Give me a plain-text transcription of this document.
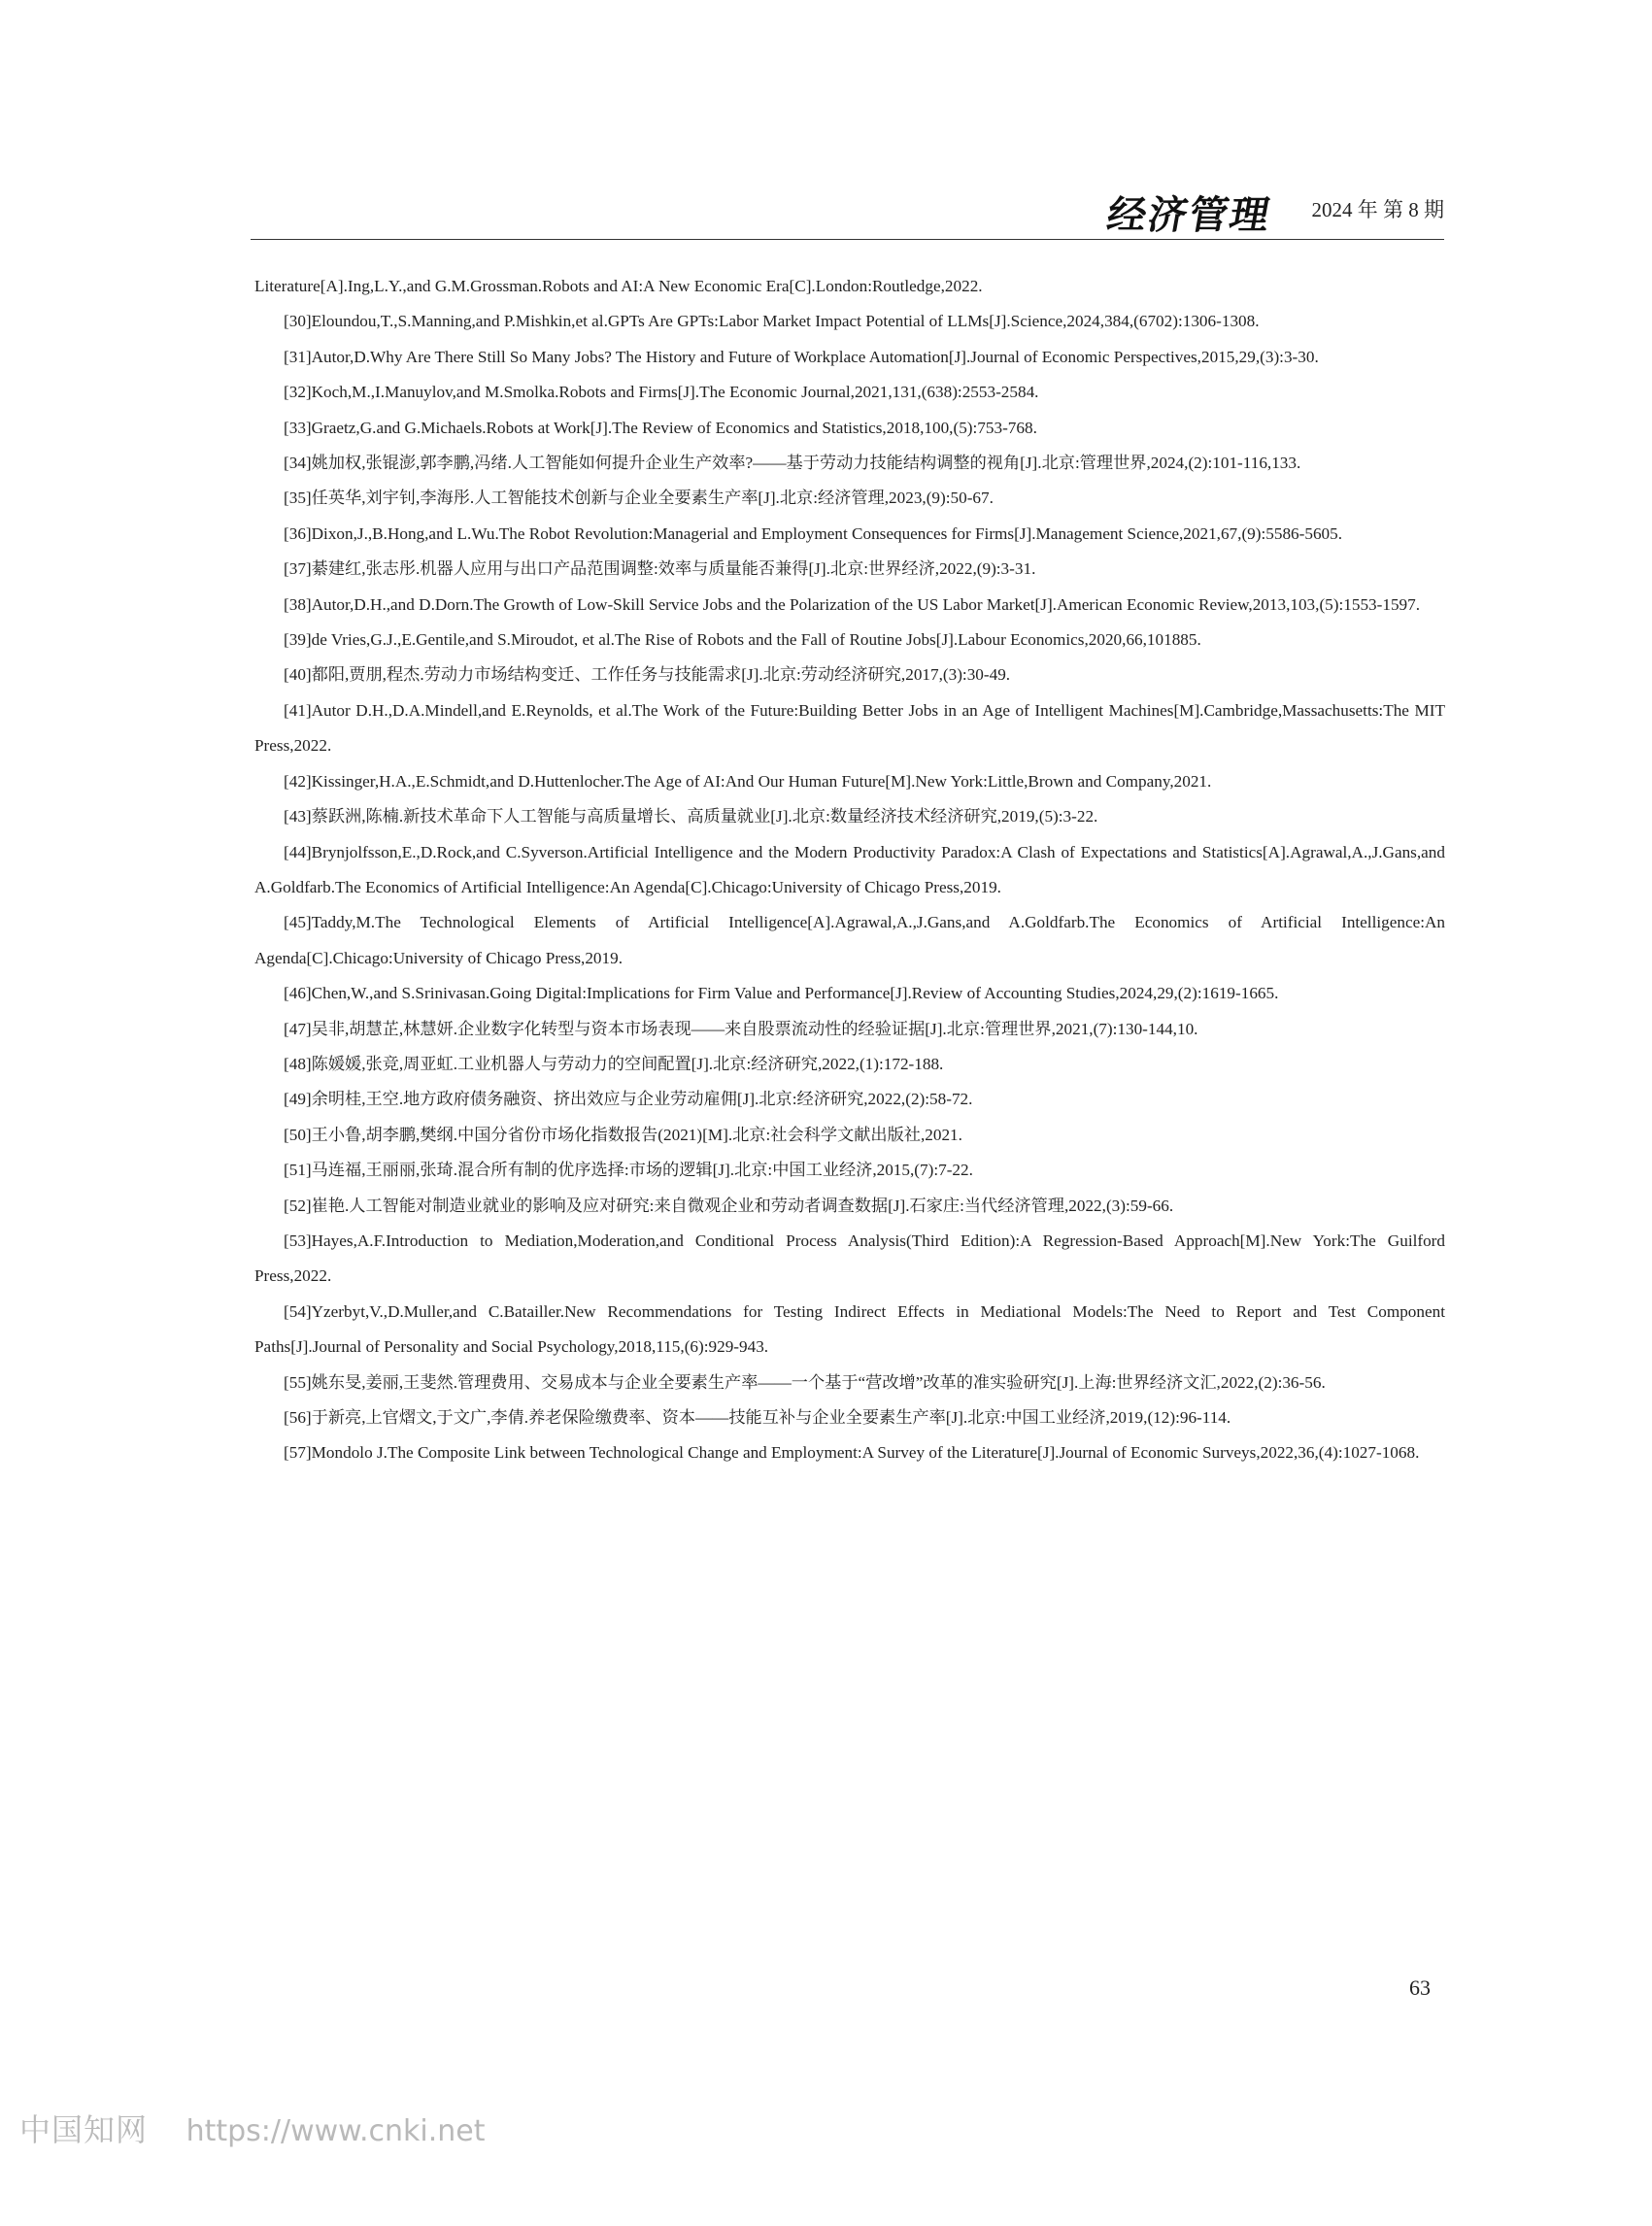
经济管理 2024 年 第 8 期

Literature[A].Ing,L.Y.,and G.M.Grossman.Robots and AI:A New Economic Era[C].London:Routledge,2022.

[30]Eloundou,T.,S.Manning,and P.Mishkin,et al.GPTs Are GPTs:Labor Market Impact Potential of LLMs[J].Science,2024,384,(6702):1306-1308.

[31]Autor,D.Why Are There Still So Many Jobs? The History and Future of Workplace Automation[J].Journal of Economic Perspectives,2015,29,(3):3-30.

[32]Koch,M.,I.Manuylov,and M.Smolka.Robots and Firms[J].The Economic Journal,2021,131,(638):2553-2584.

[33]Graetz,G.and G.Michaels.Robots at Work[J].The Review of Economics and Statistics,2018,100,(5):753-768.

[34]姚加权,张锟澎,郭李鹏,冯绪.人工智能如何提升企业生产效率?——基于劳动力技能结构调整的视角[J].北京:管理世界,2024,(2):101-116,133.

[35]任英华,刘宇钊,李海彤.人工智能技术创新与企业全要素生产率[J].北京:经济管理,2023,(9):50-67.

[36]Dixon,J.,B.Hong,and L.Wu.The Robot Revolution:Managerial and Employment Consequences for Firms[J].Management Science,2021,67,(9):5586-5605.

[37]綦建红,张志彤.机器人应用与出口产品范围调整:效率与质量能否兼得[J].北京:世界经济,2022,(9):3-31.

[38]Autor,D.H.,and D.Dorn.The Growth of Low-Skill Service Jobs and the Polarization of the US Labor Market[J].American Economic Review,2013,103,(5):1553-1597.

[39]de Vries,G.J.,E.Gentile,and S.Miroudot, et al.The Rise of Robots and the Fall of Routine Jobs[J].Labour Economics,2020,66,101885.

[40]都阳,贾朋,程杰.劳动力市场结构变迁、工作任务与技能需求[J].北京:劳动经济研究,2017,(3):30-49.

[41]Autor D.H.,D.A.Mindell,and E.Reynolds, et al.The Work of the Future:Building Better Jobs in an Age of Intelligent Machines[M].Cambridge,Massachusetts:The MIT Press,2022.

[42]Kissinger,H.A.,E.Schmidt,and D.Huttenlocher.The Age of AI:And Our Human Future[M].New York:Little,Brown and Company,2021.

[43]蔡跃洲,陈楠.新技术革命下人工智能与高质量增长、高质量就业[J].北京:数量经济技术经济研究,2019,(5):3-22.

[44]Brynjolfsson,E.,D.Rock,and C.Syverson.Artificial Intelligence and the Modern Productivity Paradox:A Clash of Expectations and Statistics[A].Agrawal,A.,J.Gans,and A.Goldfarb.The Economics of Artificial Intelligence:An Agenda[C].Chicago:University of Chicago Press,2019.

[45]Taddy,M.The Technological Elements of Artificial Intelligence[A].Agrawal,A.,J.Gans,and A.Goldfarb.The Economics of Artificial Intelligence:An Agenda[C].Chicago:University of Chicago Press,2019.

[46]Chen,W.,and S.Srinivasan.Going Digital:Implications for Firm Value and Performance[J].Review of Accounting Studies,2024,29,(2):1619-1665.

[47]吴非,胡慧芷,林慧妍.企业数字化转型与资本市场表现——来自股票流动性的经验证据[J].北京:管理世界,2021,(7):130-144,10.

[48]陈媛媛,张竞,周亚虹.工业机器人与劳动力的空间配置[J].北京:经济研究,2022,(1):172-188.

[49]余明桂,王空.地方政府债务融资、挤出效应与企业劳动雇佣[J].北京:经济研究,2022,(2):58-72.

[50]王小鲁,胡李鹏,樊纲.中国分省份市场化指数报告(2021)[M].北京:社会科学文献出版社,2021.

[51]马连福,王丽丽,张琦.混合所有制的优序选择:市场的逻辑[J].北京:中国工业经济,2015,(7):7-22.

[52]崔艳.人工智能对制造业就业的影响及应对研究:来自微观企业和劳动者调查数据[J].石家庄:当代经济管理,2022,(3):59-66.

[53]Hayes,A.F.Introduction to Mediation,Moderation,and Conditional Process Analysis(Third Edition):A Regression-Based Approach[M].New York:The Guilford Press,2022.

[54]Yzerbyt,V.,D.Muller,and C.Batailler.New Recommendations for Testing Indirect Effects in Mediational Models:The Need to Report and Test Component Paths[J].Journal of Personality and Social Psychology,2018,115,(6):929-943.

[55]姚东旻,姜丽,王斐然.管理费用、交易成本与企业全要素生产率——一个基于“营改增”改革的准实验研究[J].上海:世界经济文汇,2022,(2):36-56.

[56]于新亮,上官熠文,于文广,李倩.养老保险缴费率、资本——技能互补与企业全要素生产率[J].北京:中国工业经济,2019,(12):96-114.

[57]Mondolo J.The Composite Link between Technological Change and Employment:A Survey of the Literature[J].Journal of Economic Surveys,2022,36,(4):1027-1068.

63
中国知网 https://www.cnki.net
